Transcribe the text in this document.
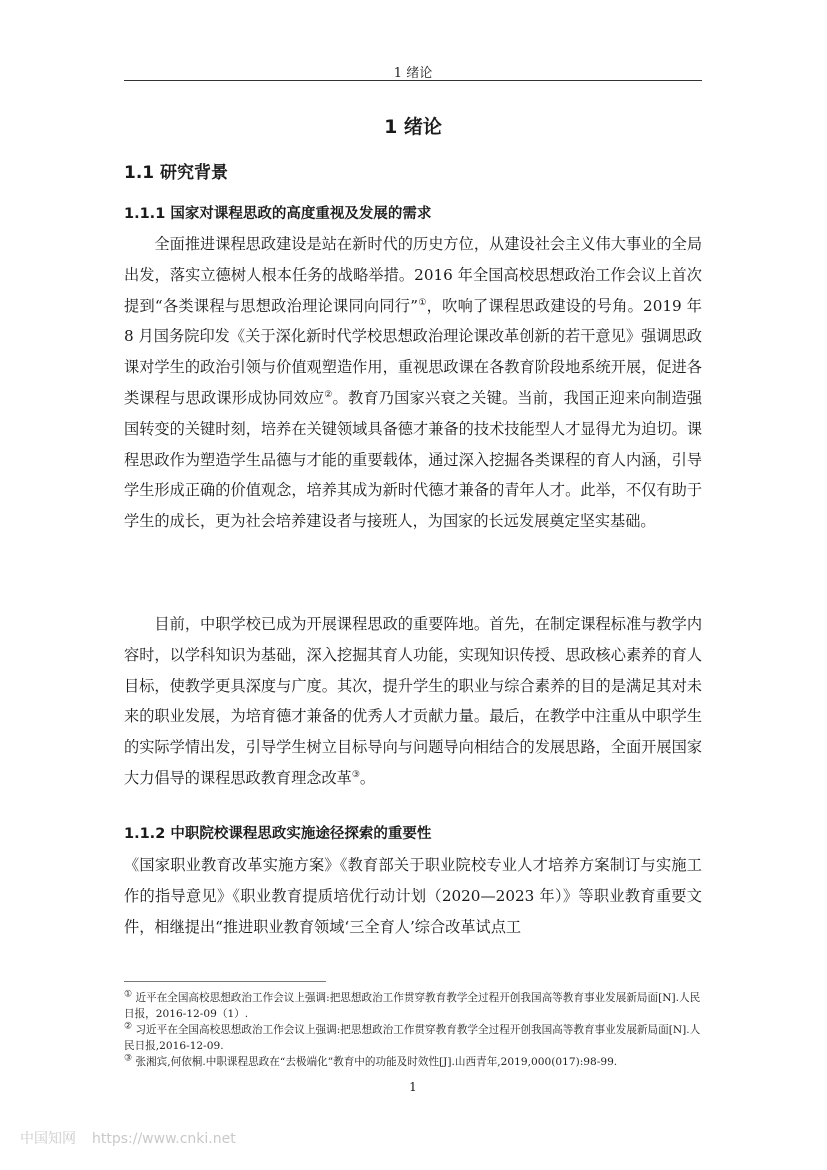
1 绪论
1 绪论
1.1 研究背景
1.1.1 国家对课程思政的高度重视及发展的需求

全面推进课程思政建设是站在新时代的历史方位，从建设社会主义伟大事业的全局出发，落实立德树人根本任务的战略举措。2016 年全国高校思想政治工作会议上首次提到“各类课程与思想政治理论课同向同行”①，吹响了课程思政建设的号角。2019 年 8 月国务院印发《关于深化新时代学校思想政治理论课改革创新的若干意见》强调思政课对学生的政治引领与价值观塑造作用，重视思政课在各教育阶段地系统开展，促进各类课程与思政课形成协同效应②。教育乃国家兴衰之关键。当前，我国正迎来向制造强国转变的关键时刻，培养在关键领域具备德才兼备的技术技能型人才显得尤为迫切。课程思政作为塑造学生品德与才能的重要载体，通过深入挖掘各类课程的育人内涵，引导学生形成正确的价值观念，培养其成为新时代德才兼备的青年人才。此举，不仅有助于学生的成长，更为社会培养建设者与接班人，为国家的长远发展奠定坚实基础。

目前，中职学校已成为开展课程思政的重要阵地。首先，在制定课程标准与教学内容时，以学科知识为基础，深入挖掘其育人功能，实现知识传授、思政核心素养的育人目标，使教学更具深度与广度。其次，提升学生的职业与综合素养的目的是满足其对未来的职业发展，为培育德才兼备的优秀人才贡献力量。最后，在教学中注重从中职学生的实际学情出发，引导学生树立目标导向与问题导向相结合的发展思路，全面开展国家大力倡导的课程思政教育理念改革③。

1.1.2 中职院校课程思政实施途径探索的重要性

《国家职业教育改革实施方案》《教育部关于职业院校专业人才培养方案制订与实施工作的指导意见》《职业教育提质培优行动计划（2020—2023 年）》等职业教育重要文件，相继提出“推进职业教育领域‘三全育人’综合改革试点工

① 近平在全国高校思想政治工作会议上强调:把思想政治工作贯穿教育教学全过程开创我国高等教育事业发展新局面[N].人民日报，2016-12-09（1）.

② 习近平在全国高校思想政治工作会议上强调:把思想政治工作贯穿教育教学全过程开创我国高等教育事业发展新局面[N].人民日报,2016-12-09.

③ 张湘宾,何依桐.中职课程思政在“去极端化”教育中的功能及时效性[J].山西青年,2019,000(017):98-99.

1
中国知网 https://www.cnki.net
